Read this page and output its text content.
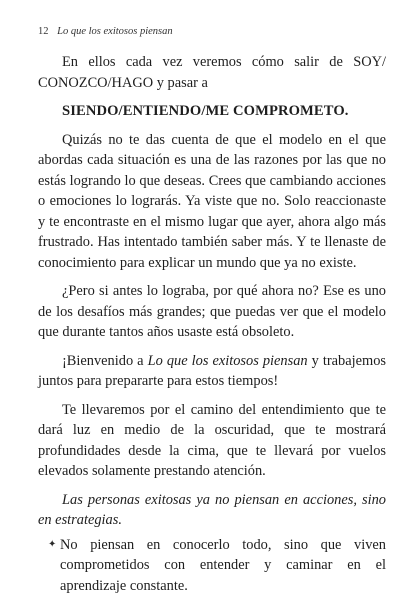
12 Lo que los exitosos piensan

En ellos cada vez veremos cómo salir de SOY/ CONOZCO/HAGO y pasar a

SIENDO/ENTIENDO/ME COMPROMETO.

Quizás no te das cuenta de que el modelo en el que abordas cada situación es una de las razones por las que no estás logrando lo que deseas. Crees que cambiando acciones o emociones lo lograrás. Ya viste que no. Solo reaccionaste y te encontraste en el mismo lugar que ayer, ahora algo más frustrado. Has intentado también saber más. Y te llenaste de conocimiento para explicar un mundo que ya no existe.

¿Pero si antes lo lograba, por qué ahora no? Ese es uno de los desafíos más grandes; que puedas ver que el modelo que durante tantos años usaste está obsoleto.

¡Bienvenido a Lo que los exitosos piensan y trabajemos juntos para prepararte para estos tiempos!

Te llevaremos por el camino del entendimiento que te dará luz en medio de la oscuridad, que te mostrará profundidades desde la cima, que te llevará por vuelos elevados solamente prestando atención.

Las personas exitosas ya no piensan en acciones, sino en estrategias.

✦ No piensan en conocerlo todo, sino que viven comprometidos con entender y caminar en el aprendizaje constante.
